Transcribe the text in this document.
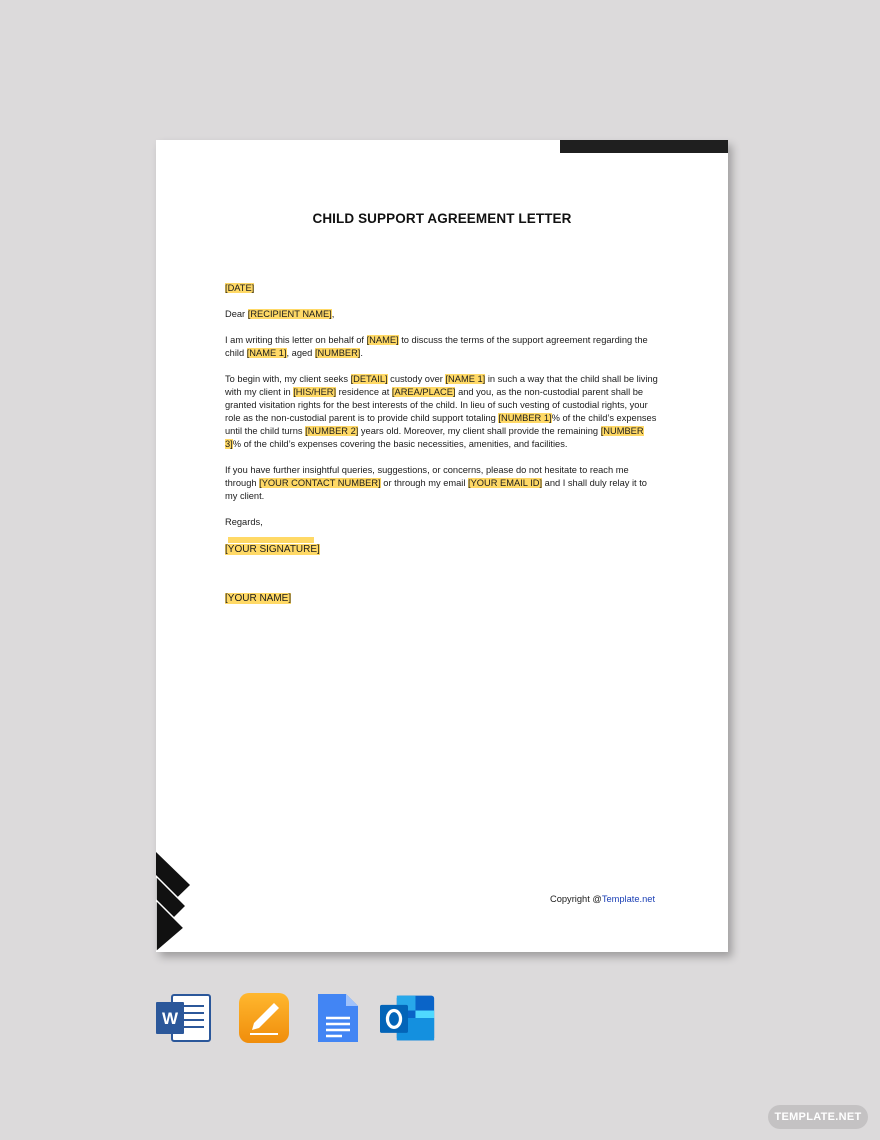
CHILD SUPPORT AGREEMENT LETTER

[DATE]

Dear [RECIPIENT NAME],

I am writing this letter on behalf of [NAME] to discuss the terms of the support agreement regarding the child [NAME 1], aged [NUMBER].

To begin with, my client seeks [DETAIL] custody over [NAME 1] in such a way that the child shall be living with my client in [HIS/HER] residence at [AREA/PLACE] and you, as the non-custodial parent shall be granted visitation rights for the best interests of the child. In lieu of such vesting of custodial rights, your role as the non-custodial parent is to provide child support totaling [NUMBER 1]% of the child’s expenses until the child turns [NUMBER 2] years old. Moreover, my client shall provide the remaining [NUMBER 3]% of the child’s expenses covering the basic necessities, amenities, and facilities.

If you have further insightful queries, suggestions, or concerns, please do not hesitate to reach me through [YOUR CONTACT NUMBER] or through my email [YOUR EMAIL ID] and I shall duly relay it to my client.

Regards,

[YOUR SIGNATURE]
[YOUR NAME]
Copyright @Template.net
W
TEMPLATE.NET
